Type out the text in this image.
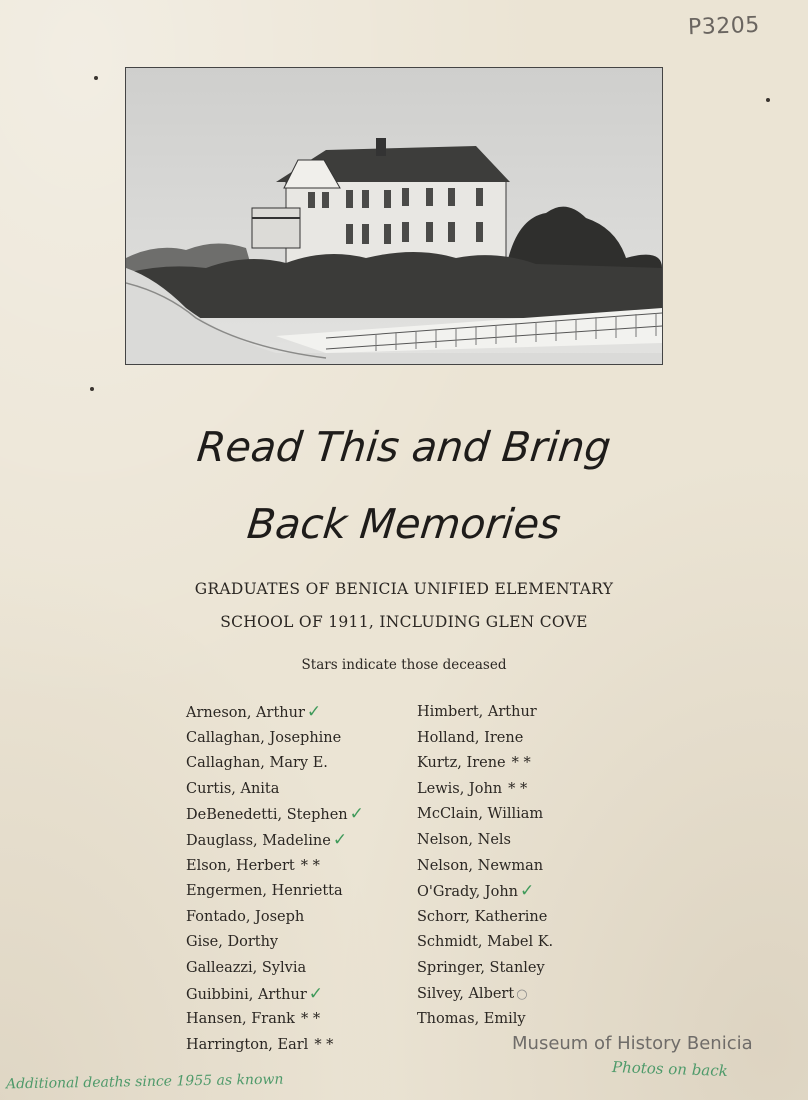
P3205
Read This and Bring
Back Memories
GRADUATES OF BENICIA UNIFIED ELEMENTARY
SCHOOL OF 1911, INCLUDING GLEN COVE
Stars indicate those deceased
Arneson, Arthur ✓
Callaghan, Josephine
Callaghan, Mary E.
Curtis, Anita
DeBenedetti, Stephen ✓
Dauglass, Madeline ✓
Elson, Herbert * *
Engermen, Henrietta
Fontado, Joseph
Gise, Dorthy
Galleazzi, Sylvia
Guibbini, Arthur ✓
Hansen, Frank * *
Harrington, Earl * *
Himbert, Arthur
Holland, Irene
Kurtz, Irene * *
Lewis, John * *
McClain, William
Nelson, Nels
Nelson, Newman
O'Grady, John ✓
Schorr, Katherine
Schmidt, Mabel K.
Springer, Stanley
Silvey, Albert ○
Thomas, Emily
Museum of History Benicia
Additional deaths since 1955 as known
Photos on back
